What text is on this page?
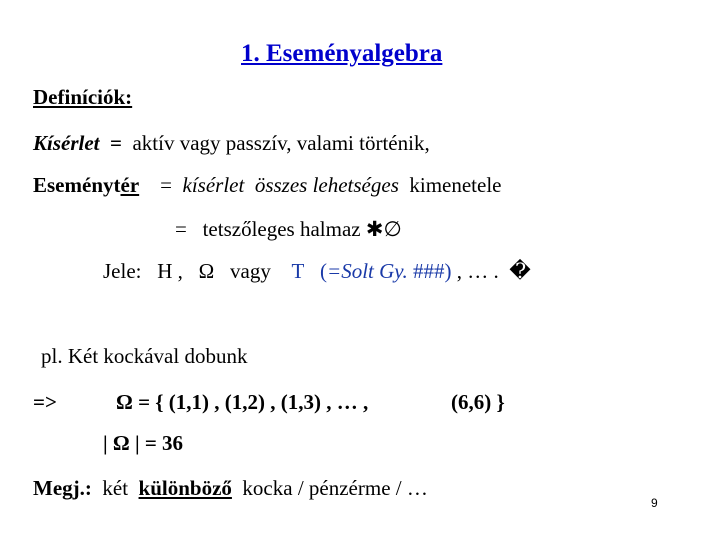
1. Eseményalgebra
Definíciók:
Kísérlet = aktív vagy passzív, valami történik,
Eseménytér = kísérlet összes lehetséges kimenetele
= tetszőleges halmaz ✱∅
Jele: H , Ω vagy T (=Solt Gy. ###) , … . �
pl. Két kockával dobunk
=>	Ω = { (1,1) , (1,2) , (1,3) , … ,	(6,6) }
| Ω | = 36
Megj.: két különböző kocka / pénzérme / …
9
